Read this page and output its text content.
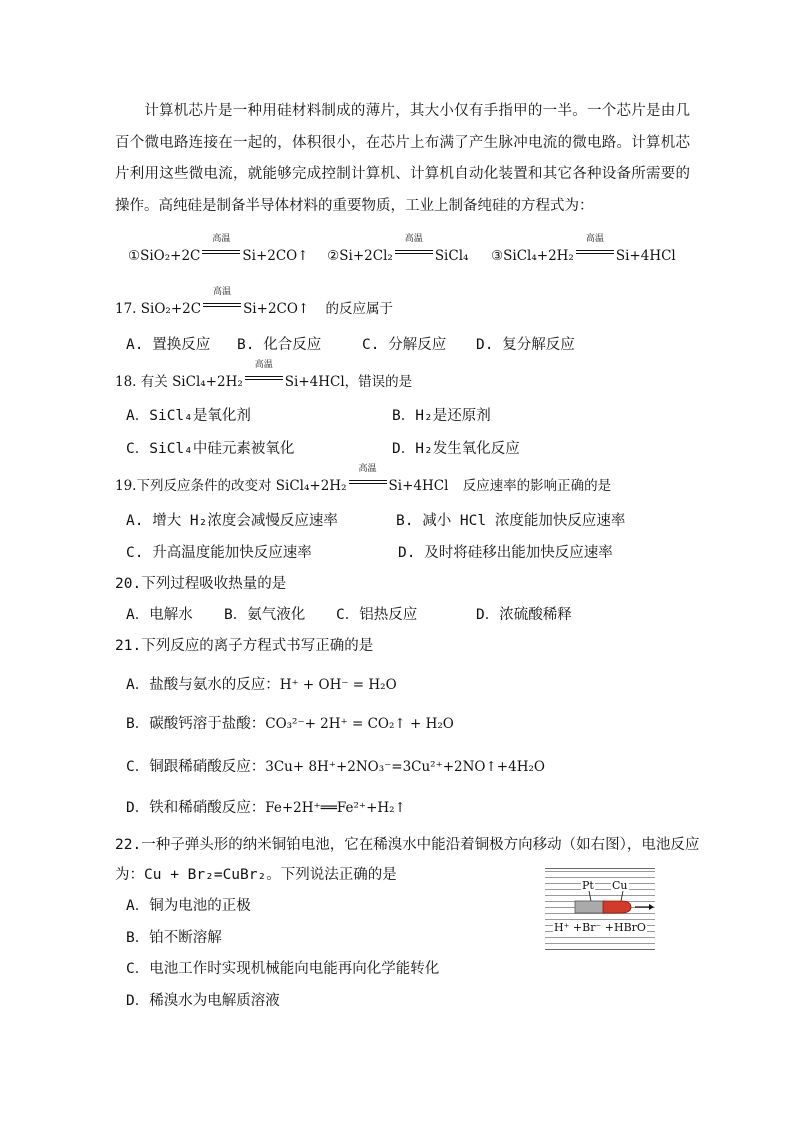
计算机芯片是一种用硅材料制成的薄片，其大小仅有手指甲的一半。一个芯片是由几百个微电路连接在一起的，体积很小，在芯片上布满了产生脉冲电流的微电路。计算机芯片利用这些微电流，就能够完成控制计算机、计算机自动化装置和其它各种设备所需要的操作。高纯硅是制备半导体材料的重要物质，工业上制备纯硅的方程式为：
①SiO₂+2C
高温
Si+2CO↑ ②Si+2Cl₂
高温
SiCl₄ ③SiCl₄+2H₂
高温
Si+4HCl
17. SiO₂+2C
高温
Si+2CO↑ 的反应属于
A. 置换反应 B. 化合反应	C. 分解反应 D. 复分解反应
18. 有关 SiCl₄+2H₂
高温
Si+4HCl，错误的是
A．SiCl₄是氧化剂	B．H₂是还原剂
C．SiCl₄中硅元素被氧化	D．H₂发生氧化反应
19.下列反应条件的改变对 SiCl₄+2H₂
高温
Si+4HCl 反应速率的影响正确的是
A. 增大 H₂浓度会减慢反应速率	B. 减小 HCl 浓度能加快反应速率
C. 升高温度能加快反应速率	D. 及时将硅移出能加快反应速率
20.下列过程吸收热量的是
A．电解水 B．氨气液化 C．铝热反应	D．浓硫酸稀释
21.下列反应的离子方程式书写正确的是
A．盐酸与氨水的反应：H⁺ + OH⁻ = H₂O
B．碳酸钙溶于盐酸：CO₃²⁻+ 2H⁺ = CO₂↑ + H₂O
C．铜跟稀硝酸反应：3Cu+ 8H⁺+2NO₃⁻=3Cu²⁺+2NO↑+4H₂O
D．铁和稀硝酸反应：Fe+2H⁺══Fe²⁺+H₂↑
22.一种子弹头形的纳米铜铂电池，它在稀溴水中能沿着铜极方向移动（如右图），电池反应
为：Cu + Br₂=CuBr₂。下列说法正确的是
A．铜为电池的正极
B．铂不断溶解
C．电池工作时实现机械能向电能再向化学能转化
D．稀溴水为电解质溶液
Pt Cu
H⁺ +Br⁻ +HBrO
